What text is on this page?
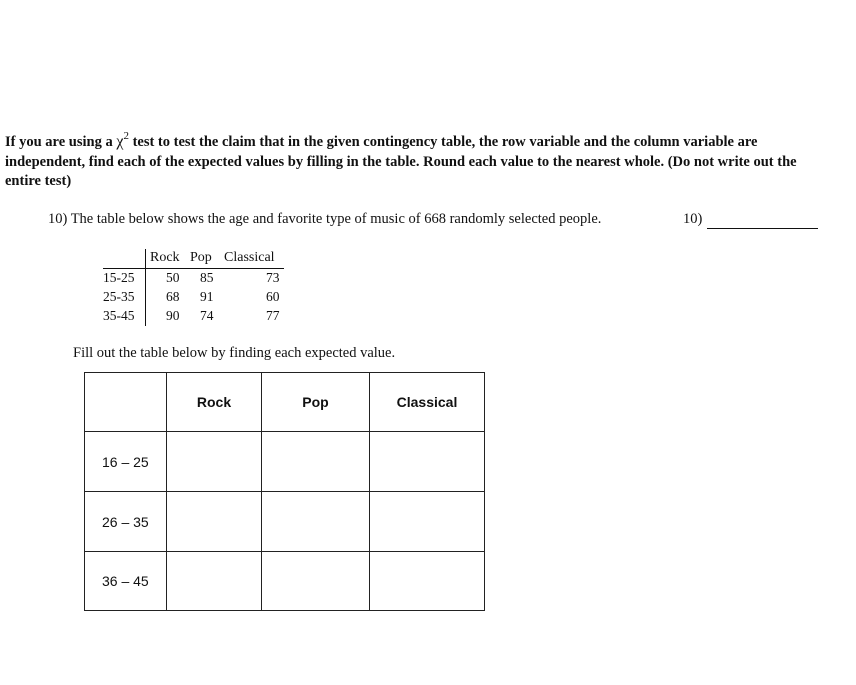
If you are using a $\chi^2$ test to test the claim that in the given contingency table, the row variable and the column variable are independent, find each of the expected values by filling in the table. Round each value to the nearest whole. (Do not write out the entire test)
10) The table below shows the age and favorite type of music of 668 randomly selected people.	10)
Rock Pop Classical
15-25 50 85	73
25-35 68 91	60
35-45 90 74	77
Fill out the table below by finding each expected value.
	Rock	Pop	Classical
16 – 25			
26 – 35			
36 – 45			
